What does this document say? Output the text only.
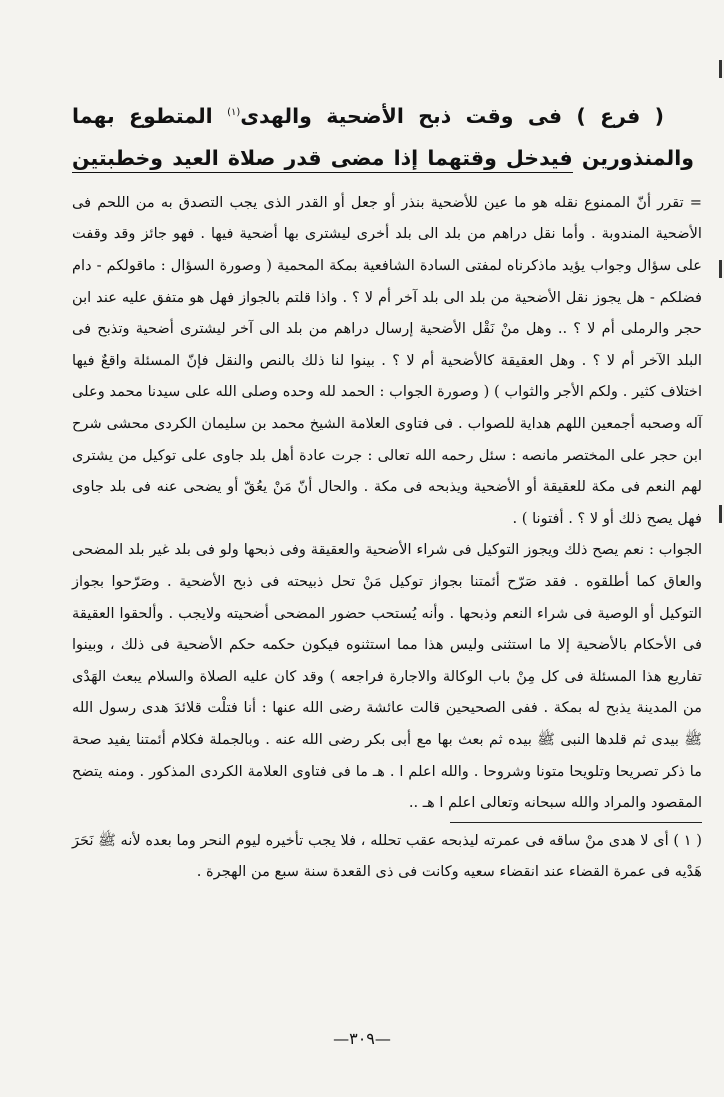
( فرع ) فى وقت ذبح الأضحية والهدى$^{(١)}$ المتطوع بهما
والمنذورين فيدخل وقتهما إذا مضى قدر صلاة العيد وخطبتين

= تقرر أنّ الممنوع نقله هو ما عين للأضحية بنذر أو جعل أو القدر الذى يجب التصدق به من اللحم فى الأضحية المندوبة . وأما نقل دراهم من بلد الى بلد أخرى ليشترى بها أضحية فيها . فهو جائز وقد وقفت على سؤال وجواب يؤيد ماذكرناه لمفتى السادة الشافعية بمكة المحمية ( وصورة السؤال : ماقولكم - دام فضلكم - هل يجوز نقل الأضحية من بلد الى بلد آخر أم لا ؟ . واذا قلتم بالجواز فهل هو متفق عليه عند ابن حجر والرملى أم لا ؟ .. وهل منْ نَقْل الأضحية إرسال دراهم من بلد الى آخر ليشترى أضحية وتذبح فى البلد الآخر أم لا ؟ . وهل العقيقة كالأضحية أم لا ؟ . بينوا لنا ذلك بالنص والنقل فإنّ المسئلة واقعٌ فيها اختلاف كثير . ولكم الأجر والثواب ) ( وصورة الجواب : الحمد لله وحده وصلى الله على سيدنا محمد وعلى آله وصحبه أجمعين اللهم هداية للصواب . فى فتاوى العلامة الشيخ محمد بن سليمان الكردى محشى شرح ابن حجر على المختصر مانصه : سئل رحمه الله تعالى : جرت عادة أهل بلد جاوى على توكيل من يشترى لهم النعم فى مكة للعقيقة أو الأضحية ويذبحه فى مكة . والحال أنّ مَنْ يعُقّ أو يضحى عنه فى بلد جاوى فهل يصح ذلك أو لا ؟ . أفتونا ) .

الجواب : نعم يصح ذلك ويجوز التوكيل فى شراء الأضحية والعقيقة وفى ذبحها ولو فى بلد غير بلد المضحى والعاق كما أطلقوه . فقد صَرّح أئمتنا بجواز توكيل مَنْ تحل ذبيحته فى ذبح الأضحية . وصَرّحوا بجواز التوكيل أو الوصية فى شراء النعم وذبحها . وأنه يُستحب حضور المضحى أضحيته ولايجب . وألحقوا العقيقة فى الأحكام بالأضحية إلا ما استثنى وليس هذا مما استثنوه فيكون حكمه حكم الأضحية فى ذلك ، وبينوا تفاريع هذا المسئلة فى كل مِنْ باب الوكالة والاجارة فراجعه ) وقد كان عليه الصلاة والسلام يبعث الهَدْى من المدينة يذبح له بمكة . ففى الصحيحين قالت عائشة رضى الله عنها : أنا فتلْت قلائدَ هدى رسول الله ﷺ بيدى ثم قلدها النبى ﷺ بيده ثم بعث بها مع أبى بكر رضى الله عنه . وبالجملة فكلام أئمتنا يفيد صحة ما ذكر تصريحا وتلويحا متونا وشروحا . والله اعلم ا . هـ ما فى فتاوى العلامة الكردى المذكور . ومنه يتضح المقصود والمراد والله سبحانه وتعالى اعلم ا هـ ..

( ١ ) أى لا هدى منْ ساقه فى عمرته ليذبحه عقب تحلله ، فلا يجب تأخيره ليوم النحر وما بعده لأنه ﷺ نَحَرَ هَدْيه فى عمرة القضاء عند انقضاء سعيه وكانت فى ذى القعدة سنة سبع من الهجرة .

—٣٠٩—
